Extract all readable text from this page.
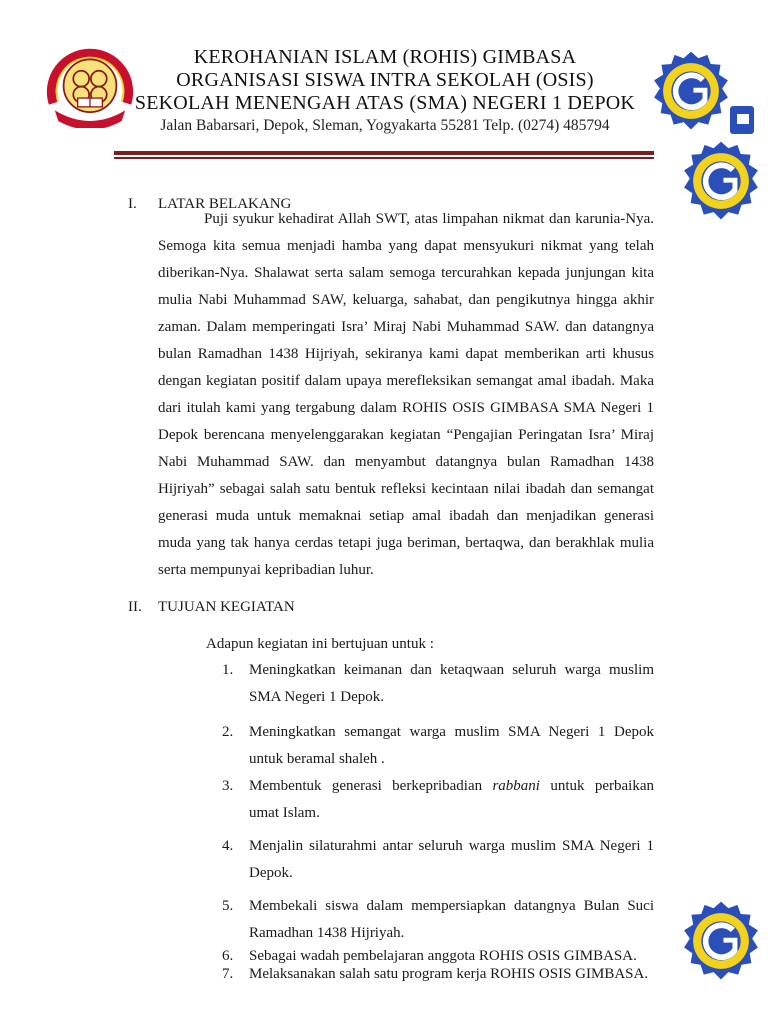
KEROHANIAN ISLAM (ROHIS) GIMBASA
ORGANISASI SISWA INTRA SEKOLAH (OSIS)
SEKOLAH MENENGAH ATAS (SMA) NEGERI 1 DEPOK
Jalan Babarsari, Depok, Sleman, Yogyakarta 55281 Telp. (0274) 485794
I. LATAR BELAKANG

Puji syukur kehadirat Allah SWT, atas limpahan nikmat dan karunia-Nya. Semoga kita semua menjadi hamba yang dapat mensyukuri nikmat yang telah diberikan-Nya. Shalawat serta salam semoga tercurahkan kepada junjungan kita mulia Nabi Muhammad SAW, keluarga, sahabat, dan pengikutnya hingga akhir zaman. Dalam memperingati Isra’ Miraj Nabi Muhammad SAW. dan datangnya bulan Ramadhan 1438 Hijriyah, sekiranya kami dapat memberikan arti khusus dengan kegiatan positif dalam upaya merefleksikan semangat amal ibadah. Maka dari itulah kami yang tergabung dalam ROHIS OSIS GIMBASA SMA Negeri 1 Depok berencana menyelenggarakan kegiatan “Pengajian Peringatan Isra’ Miraj Nabi Muhammad SAW. dan menyambut datangnya bulan Ramadhan 1438 Hijriyah” sebagai salah satu bentuk refleksi kecintaan nilai ibadah dan semangat generasi muda untuk memaknai setiap amal ibadah dan menjadikan generasi muda yang tak hanya cerdas tetapi juga beriman, bertaqwa, dan berakhlak mulia serta mempunyai kepribadian luhur.

II. TUJUAN KEGIATAN
Adapun kegiatan ini bertujuan untuk :
1. Meningkatkan keimanan dan ketaqwaan seluruh warga muslim SMA Negeri 1 Depok.
2. Meningkatkan semangat warga muslim SMA Negeri 1 Depok untuk beramal shaleh .
3. Membentuk generasi berkepribadian rabbani untuk perbaikan umat Islam.
4. Menjalin silaturahmi antar seluruh warga muslim SMA Negeri 1 Depok.
5. Membekali siswa dalam mempersiapkan datangnya Bulan Suci Ramadhan 1438 Hijriyah.
6. Sebagai wadah pembelajaran anggota ROHIS OSIS GIMBASA.
7. Melaksanakan salah satu program kerja ROHIS OSIS GIMBASA.
